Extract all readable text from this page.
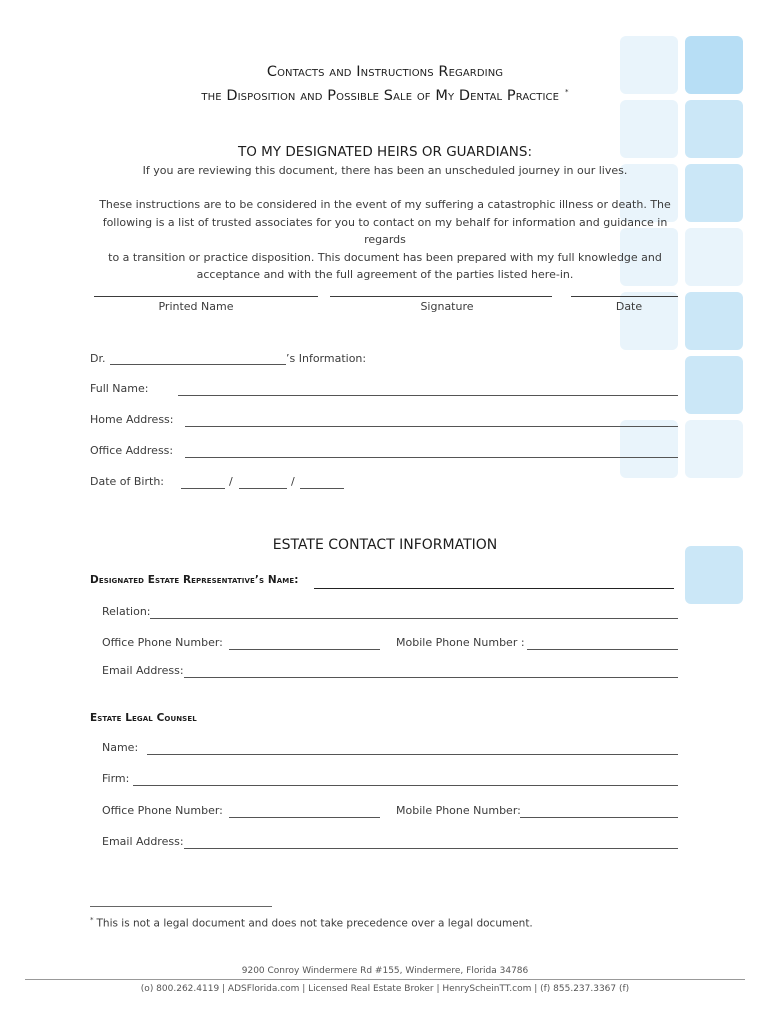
Contacts and Instructions Regarding
the Disposition and Possible Sale of My Dental Practice *
TO MY DESIGNATED HEIRS OR GUARDIANS:
If you are reviewing this document, there has been an unscheduled journey in our lives.
These instructions are to be considered in the event of my suffering a catastrophic illness or death. The
following is a list of trusted associates for you to contact on my behalf for information and guidance in regards
to a transition or practice disposition. This document has been prepared with my full knowledge and
acceptance and with the full agreement of the parties listed here-in.
Printed Name	Signature	Date
Dr.	’s Information:
Full Name:
Home Address:
Office Address:
Date of Birth:	/	/
ESTATE CONTACT INFORMATION
Designated Estate Representative’s Name:
Relation:
Office Phone Number:	Mobile Phone Number :
Email Address:
Estate Legal Counsel
Name:
Firm:
Office Phone Number:	Mobile Phone Number:
Email Address:
* This is not a legal document and does not take precedence over a legal document.
9200 Conroy Windermere Rd #155, Windermere, Florida 34786
(o) 800.262.4119 | ADSFlorida.com | Licensed Real Estate Broker | HenryScheinTT.com | (f) 855.237.3367 (f)
